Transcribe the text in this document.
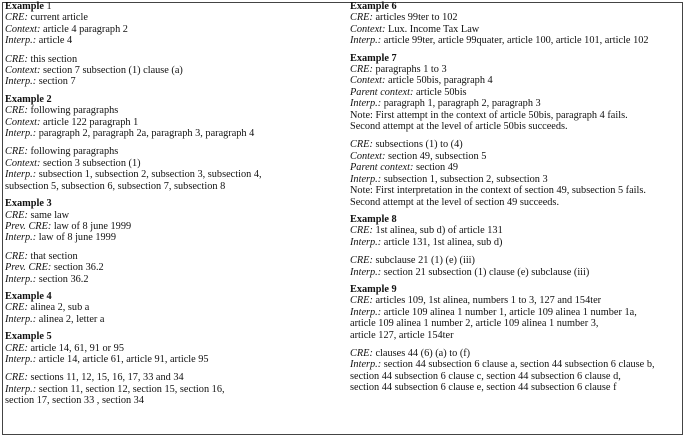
Example 1
CRE: current article
Context: article 4 paragraph 2
Interp.: article 4
CRE: this section
Context: section 7 subsection (1) clause (a)
Interp.: section 7
Example 2
CRE: following paragraphs
Context: article 122 paragraph 1
Interp.: paragraph 2, paragraph 2a, paragraph 3, paragraph 4
CRE: following paragraphs
Context: section 3 subsection (1)
Interp.: subsection 1, subsection 2, subsection 3, subsection 4,
subsection 5, subsection 6, subsection 7, subsection 8
Example 3
CRE: same law
Prev. CRE: law of 8 june 1999
Interp.: law of 8 june 1999
CRE: that section
Prev. CRE: section 36.2
Interp.: section 36.2
Example 4
CRE: alinea 2, sub a
Interp.: alinea 2, letter a
Example 5
CRE: article 14, 61, 91 or 95
Interp.: article 14, article 61, article 91, article 95
CRE: sections 11, 12, 15, 16, 17, 33 and 34
Interp.: section 11, section 12, section 15, section 16,
section 17, section 33 , section 34
Example 6
CRE: articles 99ter to 102
Context: Lux. Income Tax Law
Interp.: article 99ter, article 99quater, article 100, article 101, article 102
Example 7
CRE: paragraphs 1 to 3
Context: article 50bis, paragraph 4
Parent context: article 50bis
Interp.: paragraph 1, paragraph 2, paragraph 3
Note: First attempt in the context of article 50bis, paragraph 4 fails.
Second attempt at the level of article 50bis succeeds.
CRE: subsections (1) to (4)
Context: section 49, subsection 5
Parent context: section 49
Interp.: subsection 1, subsection 2, subsection 3
Note: First interpretation in the context of section 49, subsection 5 fails.
Second attempt at the level of section 49 succeeds.
Example 8
CRE: 1st alinea, sub d) of article 131
Interp.: article 131, 1st alinea, sub d)
CRE: subclause 21 (1) (e) (iii)
Interp.: section 21 subsection (1) clause (e) subclause (iii)
Example 9
CRE: articles 109, 1st alinea, numbers 1 to 3, 127 and 154ter
Interp.: article 109 alinea 1 number 1, article 109 alinea 1 number 1a,
article 109 alinea 1 number 2, article 109 alinea 1 number 3,
article 127, article 154ter
CRE: clauses 44 (6) (a) to (f)
Interp.: section 44 subsection 6 clause a, section 44 subsection 6 clause b,
section 44 subsection 6 clause c, section 44 subsection 6 clause d,
section 44 subsection 6 clause e, section 44 subsection 6 clause f
